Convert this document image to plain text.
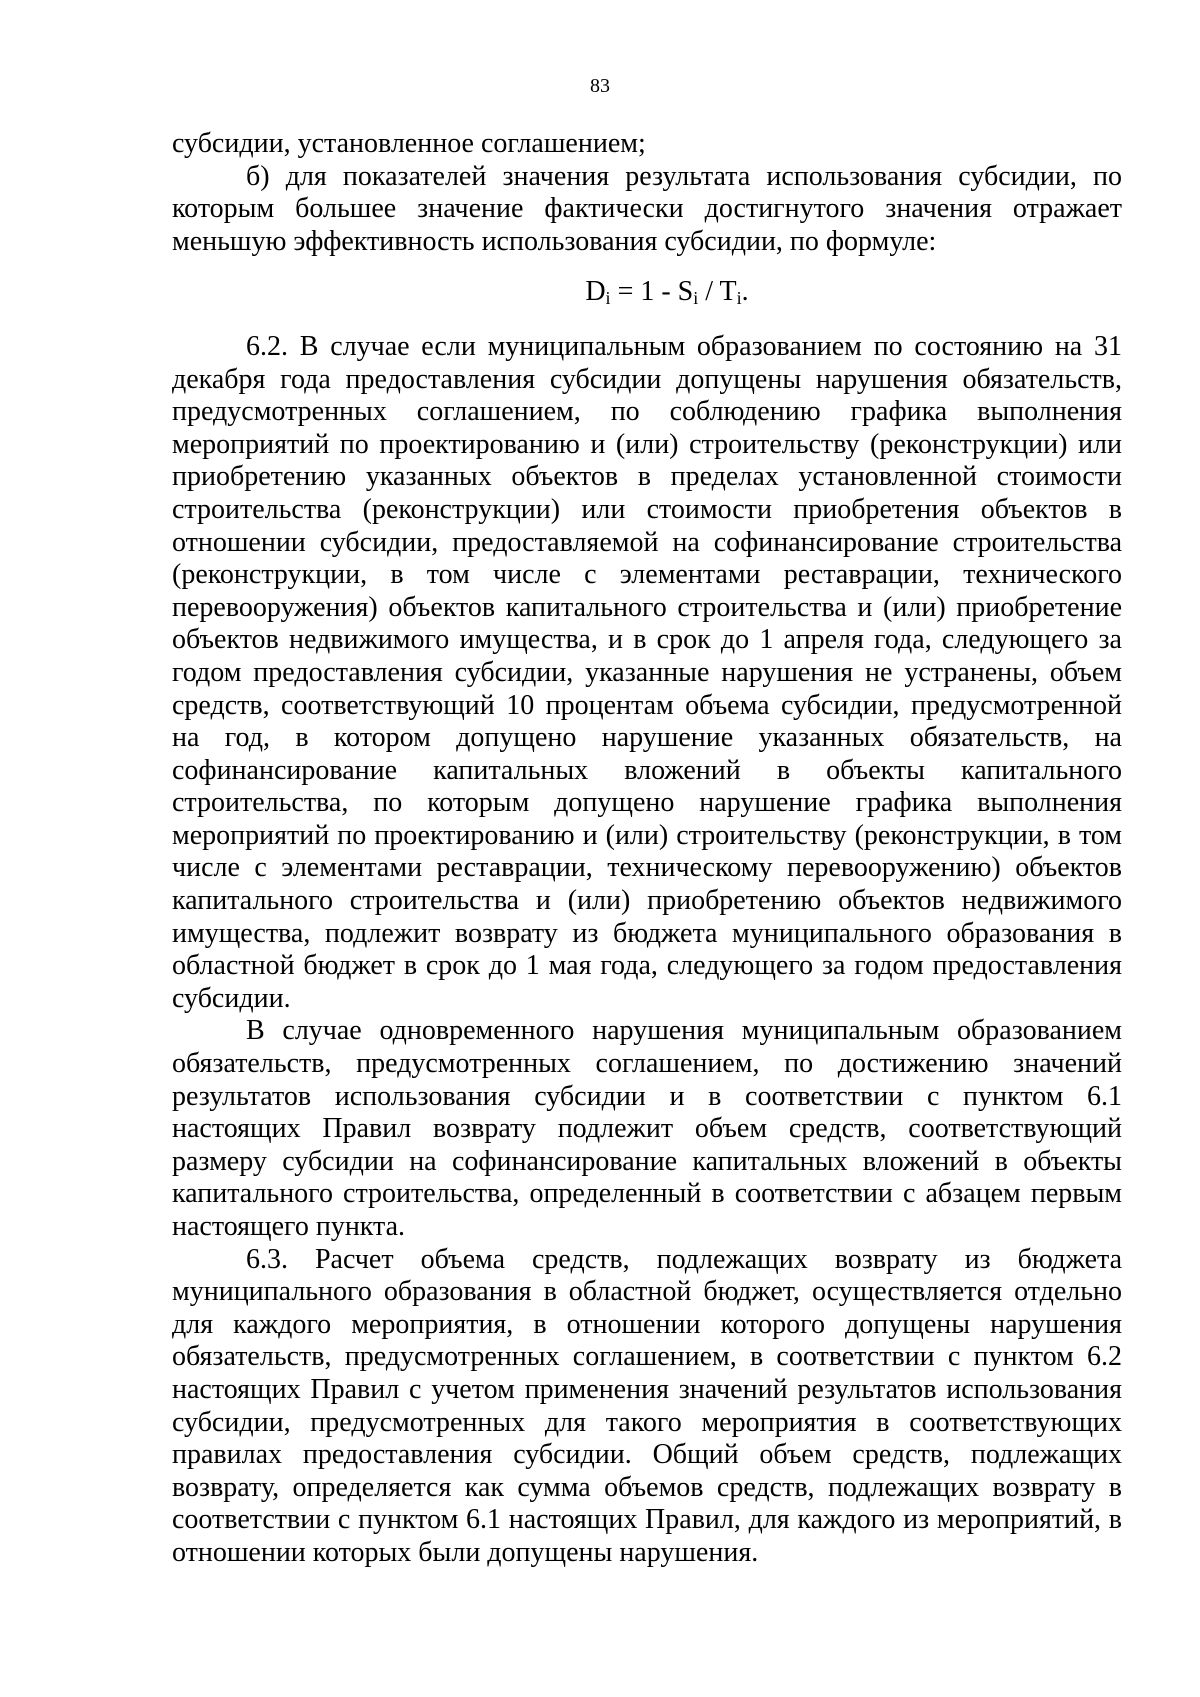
83

субсидии, установленное соглашением;

б) для показателей значения результата использования субсидии, по которым большее значение фактически достигнутого значения отражает меньшую эффективность использования субсидии, по формуле:

$D_i = 1 - S_i / T_i$.

6.2. В случае если муниципальным образованием по состоянию на 31 декабря года предоставления субсидии допущены нарушения обязательств, предусмотренных соглашением, по соблюдению графика выполнения мероприятий по проектированию и (или) строительству (реконструкции) или приобретению указанных объектов в пределах установленной стоимости строительства (реконструкции) или стоимости приобретения объектов в отношении субсидии, предоставляемой на софинансирование строительства (реконструкции, в том числе с элементами реставрации, технического перевооружения) объектов капитального строительства и (или) приобретение объектов недвижимого имущества, и в срок до 1 апреля года, следующего за годом предоставления субсидии, указанные нарушения не устранены, объем средств, соответствующий 10 процентам объема субсидии, предусмотренной на год, в котором допущено нарушение указанных обязательств, на софинансирование капитальных вложений в объекты капитального строительства, по которым допущено нарушение графика выполнения мероприятий по проектированию и (или) строительству (реконструкции, в том числе с элементами реставрации, техническому перевооружению) объектов капитального строительства и (или) приобретению объектов недвижимого имущества, подлежит возврату из бюджета муниципального образования в областной бюджет в срок до 1 мая года, следующего за годом предоставления субсидии.

В случае одновременного нарушения муниципальным образованием обязательств, предусмотренных соглашением, по достижению значений результатов использования субсидии и в соответствии с пунктом 6.1 настоящих Правил возврату подлежит объем средств, соответствующий размеру субсидии на софинансирование капитальных вложений в объекты капитального строительства, определенный в соответствии с абзацем первым настоящего пункта.

6.3. Расчет объема средств, подлежащих возврату из бюджета муниципального образования в областной бюджет, осуществляется отдельно для каждого мероприятия, в отношении которого допущены нарушения обязательств, предусмотренных соглашением, в соответствии с пунктом 6.2 настоящих Правил с учетом применения значений результатов использования субсидии, предусмотренных для такого мероприятия в соответствующих правилах предоставления субсидии. Общий объем средств, подлежащих возврату, определяется как сумма объемов средств, подлежащих возврату в соответствии с пунктом 6.1 настоящих Правил, для каждого из мероприятий, в отношении которых были допущены нарушения.
